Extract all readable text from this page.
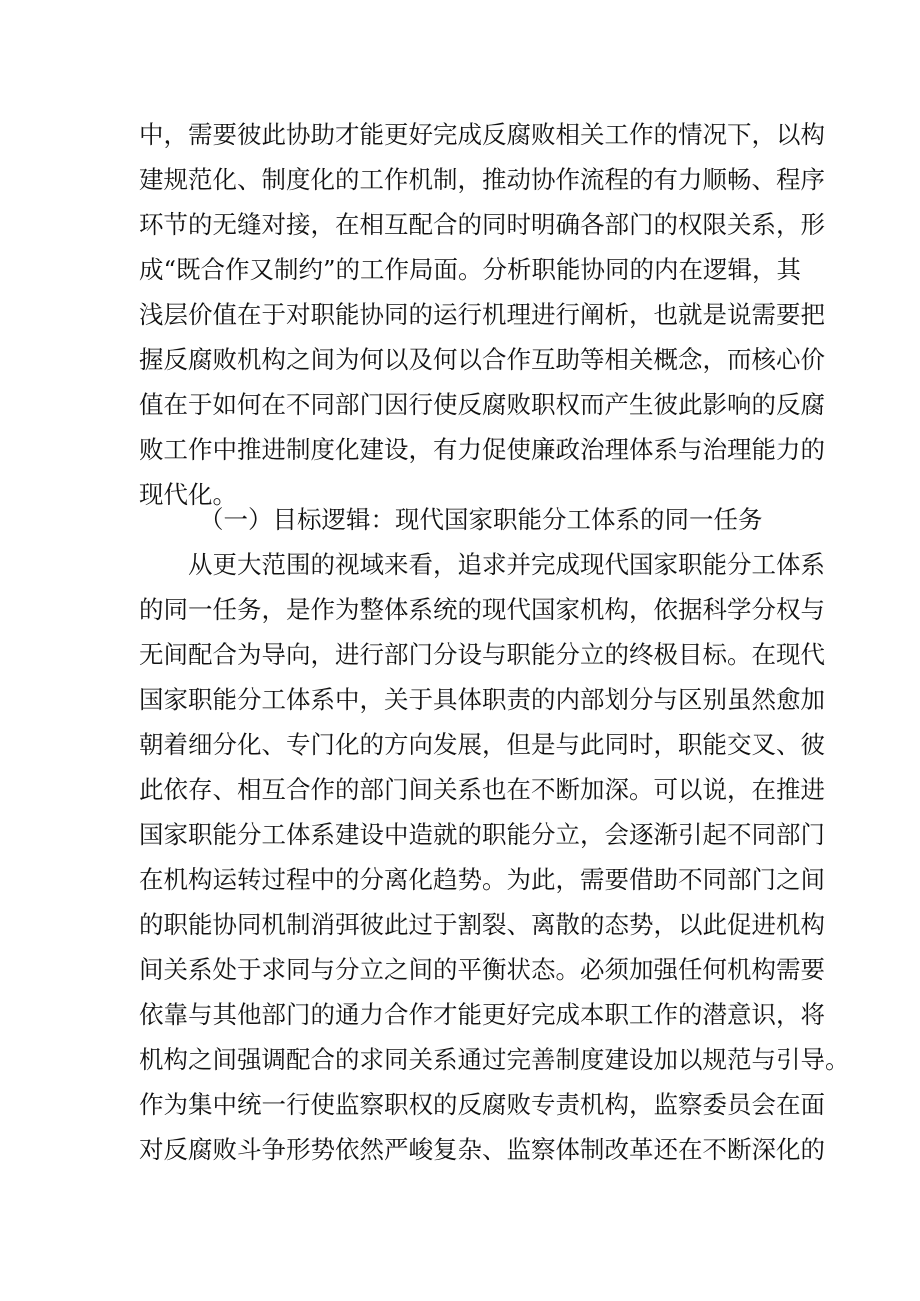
中，需要彼此协助才能更好完成反腐败相关工作的情况下，以构
建规范化、制度化的工作机制，推动协作流程的有力顺畅、程序
环节的无缝对接，在相互配合的同时明确各部门的权限关系，形
成“既合作又制约”的工作局面。分析职能协同的内在逻辑，其
浅层价值在于对职能协同的运行机理进行阐析，也就是说需要把
握反腐败机构之间为何以及何以合作互助等相关概念，而核心价
值在于如何在不同部门因行使反腐败职权而产生彼此影响的反腐
败工作中推进制度化建设，有力促使廉政治理体系与治理能力的
现代化。
（一）目标逻辑：现代国家职能分工体系的同一任务
从更大范围的视域来看，追求并完成现代国家职能分工体系
的同一任务，是作为整体系统的现代国家机构，依据科学分权与
无间配合为导向，进行部门分设与职能分立的终极目标。在现代
国家职能分工体系中，关于具体职责的内部划分与区别虽然愈加
朝着细分化、专门化的方向发展，但是与此同时，职能交叉、彼
此依存、相互合作的部门间关系也在不断加深。可以说，在推进
国家职能分工体系建设中造就的职能分立，会逐渐引起不同部门
在机构运转过程中的分离化趋势。为此，需要借助不同部门之间
的职能协同机制消弭彼此过于割裂、离散的态势，以此促进机构
间关系处于求同与分立之间的平衡状态。必须加强任何机构需要
依靠与其他部门的通力合作才能更好完成本职工作的潜意识，将
机构之间强调配合的求同关系通过完善制度建设加以规范与引导。
作为集中统一行使监察职权的反腐败专责机构，监察委员会在面
对反腐败斗争形势依然严峻复杂、监察体制改革还在不断深化的
